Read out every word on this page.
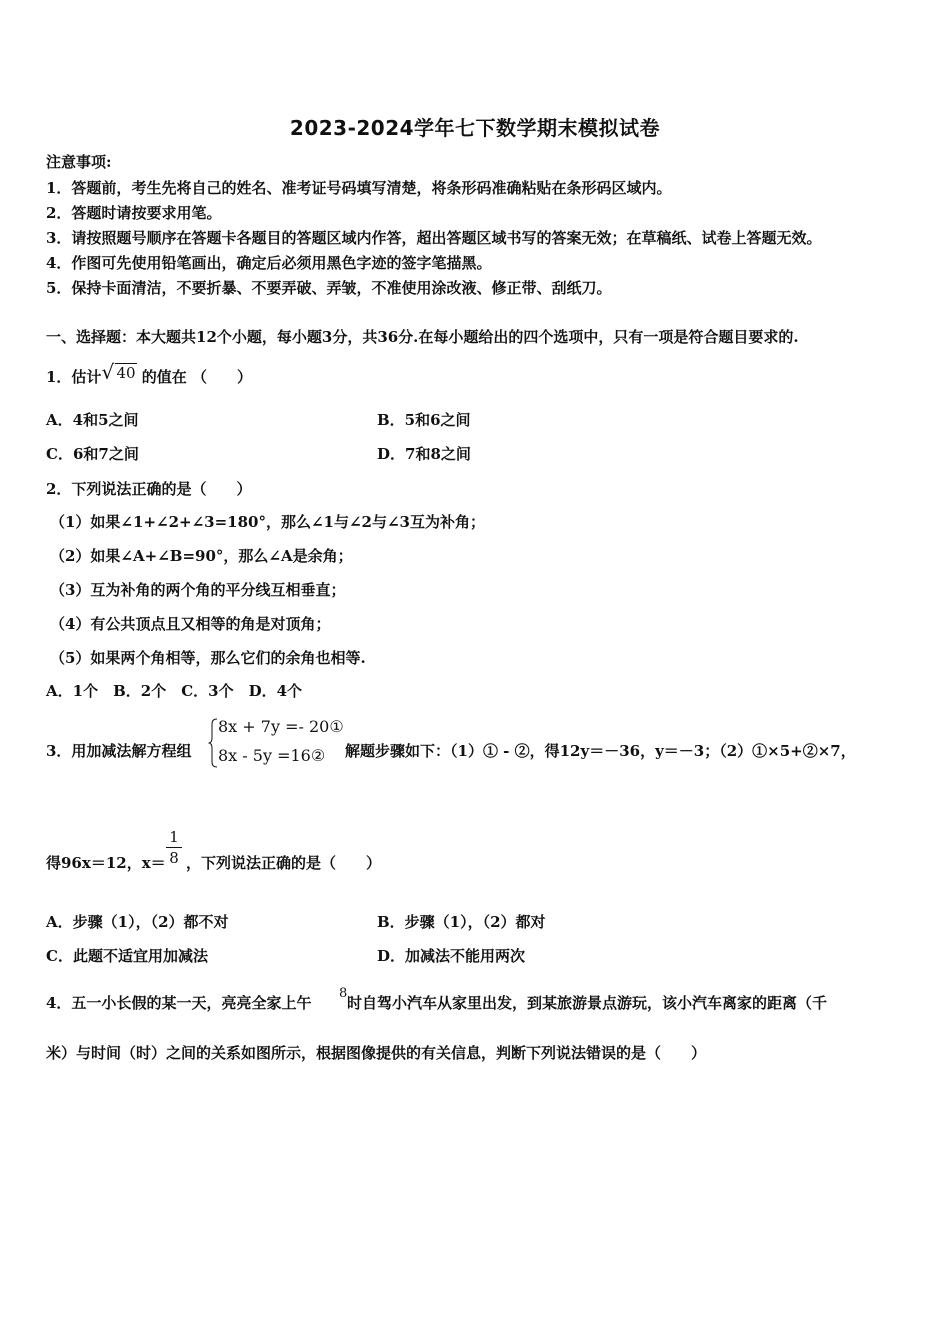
2023-2024学年七下数学期末模拟试卷
注意事项:
1．答题前，考生先将自己的姓名、准考证号码填写清楚，将条形码准确粘贴在条形码区域内。
2．答题时请按要求用笔。
3．请按照题号顺序在答题卡各题目的答题区域内作答，超出答题区域书写的答案无效；在草稿纸、试卷上答题无效。
4．作图可先使用铅笔画出，确定后必须用黑色字迹的签字笔描黑。
5．保持卡面清洁，不要折暴、不要弄破、弄皱，不准使用涂改液、修正带、刮纸刀。
一、选择题：本大题共12个小题，每小题3分，共36分.在每小题给出的四个选项中，只有一项是符合题目要求的.
1．估计 √ 40 的值在 （　　）
A．4和5之间	B．5和6之间
C．6和7之间	D．7和8之间
2．下列说法正确的是（　　）
（1）如果∠1+∠2+∠3=180°，那么∠1与∠2与∠3互为补角；
（2）如果∠A+∠B=90°，那么∠A是余角；
（3）互为补角的两个角的平分线互相垂直；
（4）有公共顶点且又相等的角是对顶角；
（5）如果两个角相等，那么它们的余角也相等.
A．1个　B．2个　C．3个　D．4个
3．用加减法解方程组
8x + 7y =- 20①
8x - 5y =16② 解题步骤如下：（1）① - ②，得12y＝－36，y＝－3；（2）①×5+②×7，
得96x＝12，x＝
1
8 ，下列说法正确的是（　　）
A．步骤（1），（2）都不对	B．步骤（1），（2）都对
C．此题不适宜用加减法	D．加减法不能用两次
4．五一小长假的某一天，亮亮全家上午
8
时自驾小汽车从家里出发，到某旅游景点游玩，该小汽车离家的距离（千
米）与时间（时）之间的关系如图所示，根据图像提供的有关信息，判断下列说法错误的是（　　）
